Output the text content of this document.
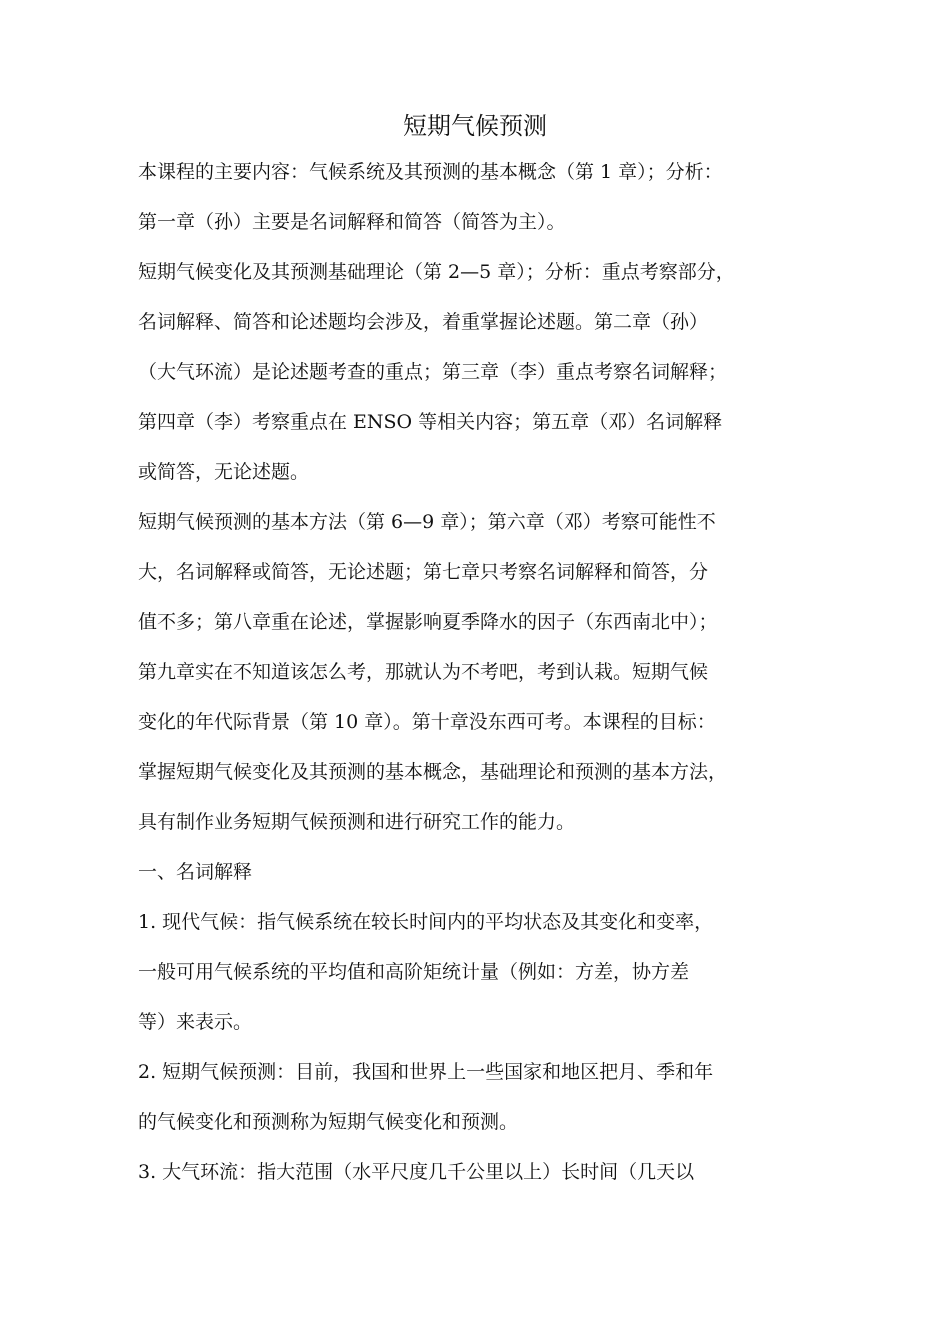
短期气候预测

本课程的主要内容：气候系统及其预测的基本概念（第 1 章）；分析：

第一章（孙）主要是名词解释和简答（简答为主）。

短期气候变化及其预测基础理论（第 2—5 章）；分析：重点考察部分，

名词解释、简答和论述题均会涉及，着重掌握论述题。第二章（孙）

（大气环流）是论述题考查的重点；第三章（李）重点考察名词解释；

第四章（李）考察重点在 ENSO 等相关内容；第五章（邓）名词解释

或简答，无论述题。

短期气候预测的基本方法（第 6—9 章）；第六章（邓）考察可能性不

大，名词解释或简答，无论述题；第七章只考察名词解释和简答，分

值不多；第八章重在论述，掌握影响夏季降水的因子（东西南北中）；

第九章实在不知道该怎么考，那就认为不考吧，考到认栽。短期气候

变化的年代际背景（第 10 章）。第十章没东西可考。本课程的目标：

掌握短期气候变化及其预测的基本概念，基础理论和预测的基本方法，

具有制作业务短期气候预测和进行研究工作的能力。

一、名词解释

1. 现代气候：指气候系统在较长时间内的平均状态及其变化和变率，

一般可用气候系统的平均值和高阶矩统计量（例如：方差，协方差

等）来表示。

2. 短期气候预测：目前，我国和世界上一些国家和地区把月、季和年

的气候变化和预测称为短期气候变化和预测。

3. 大气环流：指大范围（水平尺度几千公里以上）长时间（几天以
